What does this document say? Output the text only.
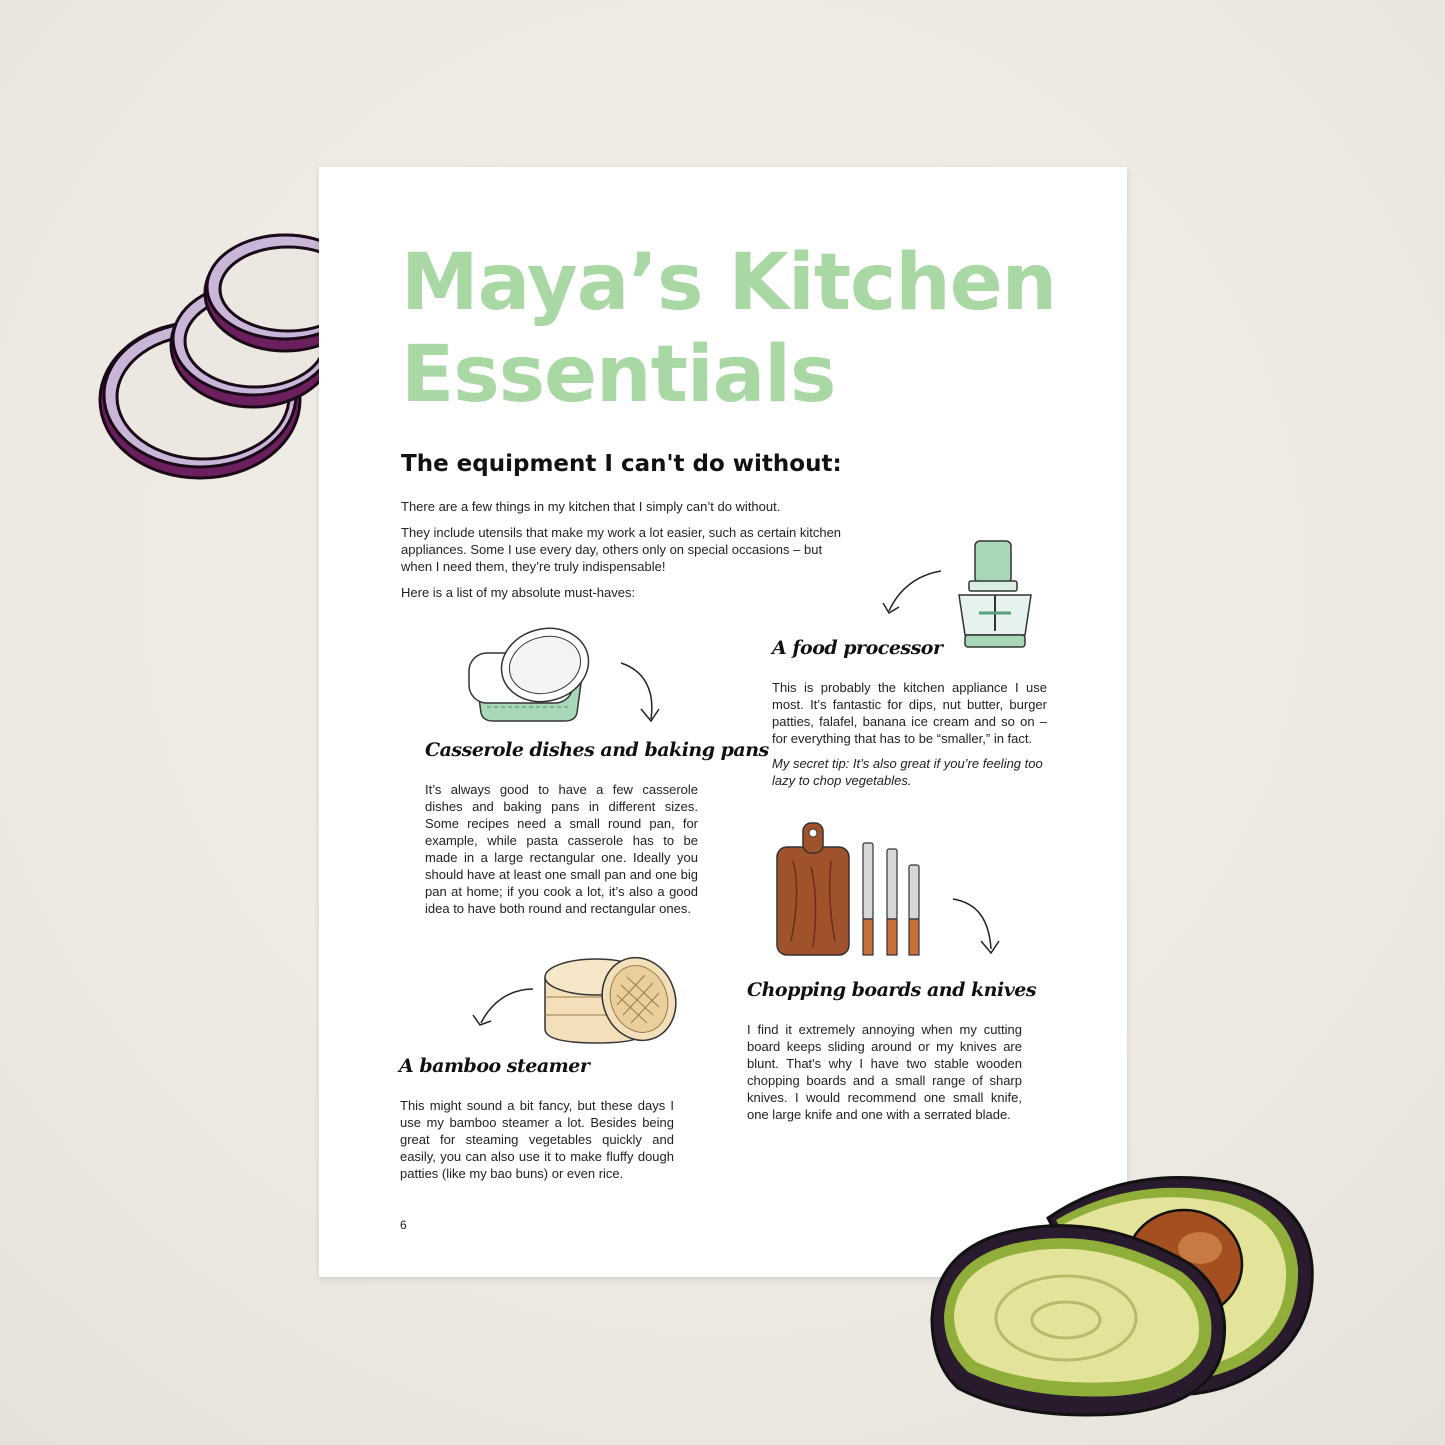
Maya’s Kitchen
Essentials
The equipment I can't do without:

There are a few things in my kitchen that I simply can’t do without.

They include utensils that make my work a lot easier, such as certain kitchen appliances. Some I use every day, others only on special occasions – but when I need them, they’re truly indispensable!

Here is a list of my absolute must-haves:

A food processor

This is probably the kitchen appliance I use most. It’s fantastic for dips, nut butter, burger patties, falafel, banana ice cream and so on – for everything that has to be “smaller,” in fact.

My secret tip: It’s also great if you’re feeling too lazy to chop vegetables.

Casserole dishes and baking pans

It’s always good to have a few casserole dishes and baking pans in different sizes. Some recipes need a small round pan, for example, while pasta casserole has to be made in a large rectangular one. Ideally you should have at least one small pan and one big pan at home; if you cook a lot, it’s also a good idea to have both round and rectangular ones.

Chopping boards and knives

I find it extremely annoying when my cutting board keeps sliding around or my knives are blunt. That's why I have two stable wooden chopping boards and a small range of sharp knives. I would recommend one small knife, one large knife and one with a serrated blade.

A bamboo steamer

This might sound a bit fancy, but these days I use my bamboo steamer a lot. Besides being great for steaming vegetables quickly and easily, you can also use it to make fluffy dough patties (like my bao buns) or even rice.

6
